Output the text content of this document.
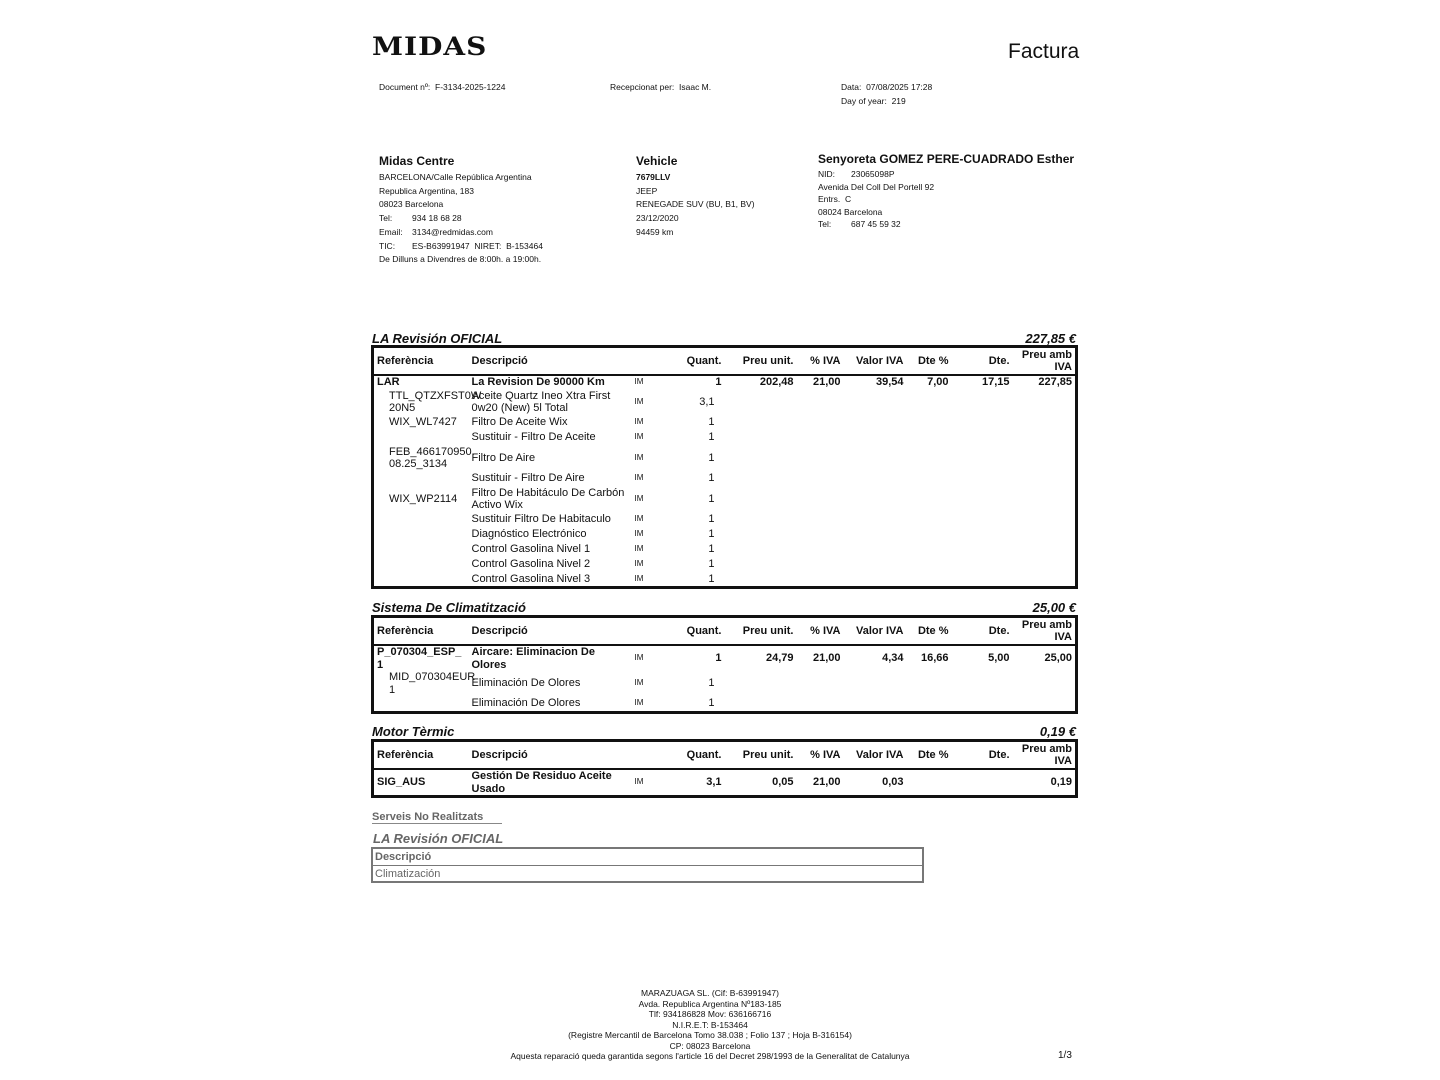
MIDAS	Factura
Document nº: F-3134-2025-1224	Recepcionat per: Isaac M.	Data: 07/08/2025 17:28
Day of year: 219
Midas Centre
BARCELONA/Calle República Argentina
Republica Argentina, 183
08023 Barcelona
Tel: 934 18 68 28
Email: 3134@redmidas.com
TIC: ES-B63991947 NIRET: B-153464
De Dilluns a Divendres de 8:00h. a 19:00h.
Vehicle
7679LLV
JEEP
RENEGADE SUV (BU, B1, BV)
23/12/2020
94459 km
Senyoreta GOMEZ PERE-CUADRADO Esther
NID: 23065098P
Avenida Del Coll Del Portell 92
Entrs. C
08024 Barcelona
Tel: 687 45 59 32
LA Revisión OFICIAL	227,85 €
Referència	Descripció		Quant.	Preu unit.	% IVA	Valor IVA	Dte %	Dte.	Preu amb
IVA
LAR	La Revision De 90000 Km	IM	1	202,48	21,00	39,54	7,00	17,15	227,85
TTL_QTZXFST0W 20N5	Aceite Quartz Ineo Xtra First 0w20 (New) 5l Total	IM	3,1						
WIX_WL7427	Filtro De Aceite Wix	IM	1						
	Sustituir - Filtro De Aceite	IM	1						
FEB_466170950. 08.25_3134	Filtro De Aire	IM	1						
	Sustituir - Filtro De Aire	IM	1						
WIX_WP2114	Filtro De Habitáculo De Carbón Activo Wix	IM	1						
	Sustituir Filtro De Habitaculo	IM	1						
	Diagnóstico Electrónico	IM	1						
	Control Gasolina Nivel 1	IM	1						
	Control Gasolina Nivel 2	IM	1						
	Control Gasolina Nivel 3	IM	1						
Sistema De Climatització	25,00 €
Referència	Descripció		Quant.	Preu unit.	% IVA	Valor IVA	Dte %	Dte.	Preu amb
IVA
P_070304_ESP_ 1	Aircare: Eliminacion De Olores	IM	1	24,79	21,00	4,34	16,66	5,00	25,00
MID_070304EUR 1	Eliminación De Olores	IM	1						
	Eliminación De Olores	IM	1						
Motor Tèrmic	0,19 €
Referència	Descripció		Quant.	Preu unit.	% IVA	Valor IVA	Dte %	Dte.	Preu amb
IVA
SIG_AUS	Gestión De Residuo Aceite Usado	IM	3,1	0,05	21,00	0,03			0,19
Serveis No Realitzats
LA Revisión OFICIAL
Descripció
Climatización
MARAZUAGA SL. (Cif: B-63991947)
Avda. Republica Argentina Nº183-185
Tlf: 934186828 Mov: 636166716
N.I.R.E.T: B-153464
(Registre Mercantil de Barcelona Tomo 38.038 ; Folio 137 ; Hoja B-316154)
CP: 08023 Barcelona
Aquesta reparació queda garantida segons l'article 16 del Decret 298/1993 de la Generalitat de Catalunya	1/3
